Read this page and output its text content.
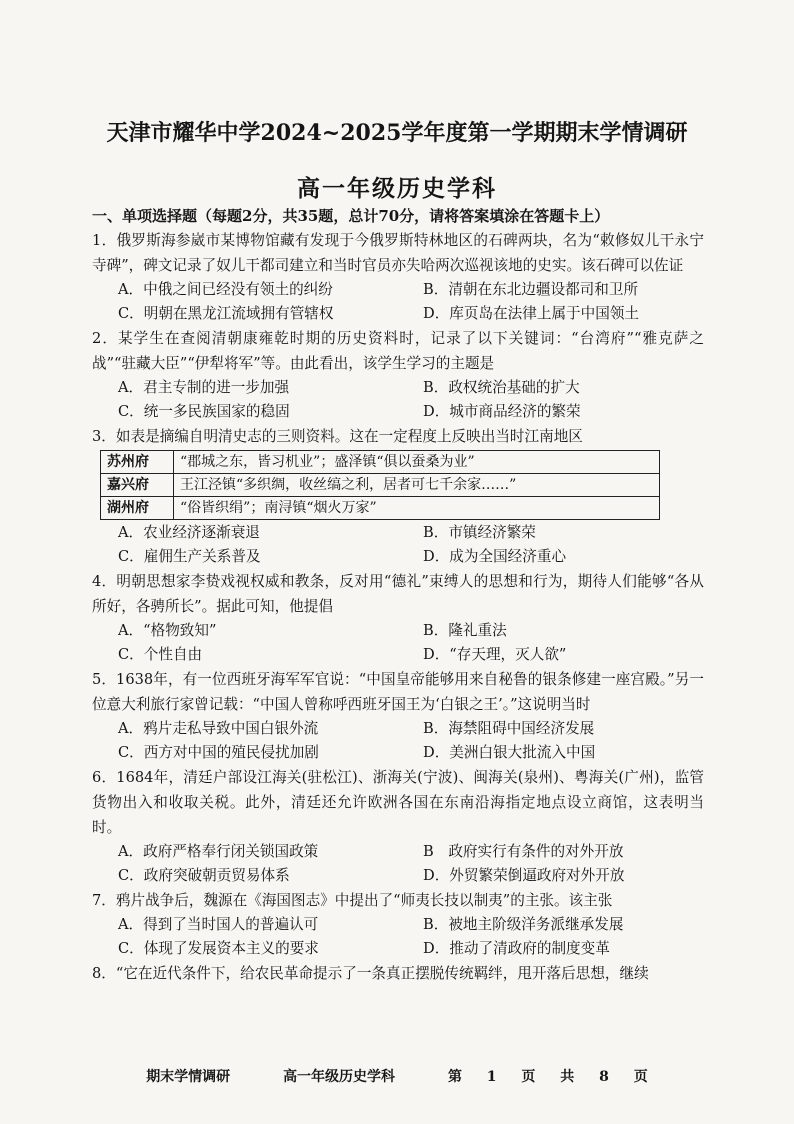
天津市耀华中学2024~2025学年度第一学期期末学情调研
高一年级历史学科
一、单项选择题（每题2分，共35题，总计70分，请将答案填涂在答题卡上）

1．俄罗斯海参崴市某博物馆藏有发现于今俄罗斯特林地区的石碑两块，名为“敕修奴儿干永宁寺碑”，碑文记录了奴儿干都司建立和当时官员亦失哈两次巡视该地的史实。该石碑可以佐证

A．中俄之间已经没有领土的纠纷	B．清朝在东北边疆设都司和卫所
C．明朝在黑龙江流域拥有管辖权	D．库页岛在法律上属于中国领土

2．某学生在查阅清朝康雍乾时期的历史资料时，记录了以下关键词：“台湾府”“雅克萨之战”“驻藏大臣”“伊犁将军”等。由此看出，该学生学习的主题是

A．君主专制的进一步加强	B．政权统治基础的扩大
C．统一多民族国家的稳固	D．城市商品经济的繁荣

3．如表是摘编自明清史志的三则资料。这在一定程度上反映出当时江南地区

苏州府	“郡城之东，皆习机业”；盛泽镇“俱以蚕桑为业”
嘉兴府	王江泾镇“多织绸，收丝缟之利，居者可七千余家……”
湖州府	“俗皆织绢”；南浔镇“烟火万家”
A．农业经济逐渐衰退	B．市镇经济繁荣
C．雇佣生产关系普及	D．成为全国经济重心

4．明朝思想家李贽戏视权威和教条，反对用“德礼”束缚人的思想和行为，期待人们能够“各从所好，各骋所长”。据此可知，他提倡

A．“格物致知”	B．隆礼重法
C．个性自由	D．“存天理，灭人欲”

5．1638年，有一位西班牙海军军官说：“中国皇帝能够用来自秘鲁的银条修建一座宫殿。”另一位意大利旅行家曾记载：“中国人曾称呼西班牙国王为‘白银之王’。”这说明当时

A．鸦片走私导致中国白银外流	B．海禁阻碍中国经济发展
C．西方对中国的殖民侵扰加剧	D．美洲白银大批流入中国

6．1684年，清廷户部设江海关(驻松江)、浙海关(宁波)、闽海关(泉州)、粤海关(广州)，监管货物出入和收取关税。此外，清廷还允许欧洲各国在东南沿海指定地点设立商馆，这表明当时。

A．政府严格奉行闭关锁国政策	B　政府实行有条件的对外开放
C．政府突破朝贡贸易体系	D．外贸繁荣倒逼政府对外开放

7．鸦片战争后，魏源在《海国图志》中提出了“师夷长技以制夷”的主张。该主张

A．得到了当时国人的普遍认可	B．被地主阶级洋务派继承发展
C．体现了发展资本主义的要求	D．推动了清政府的制度变革

8．“它在近代条件下，给农民革命提示了一条真正摆脱传统羁绊，甩开落后思想，继续

期末学情调研	高一年级历史学科	第 1 页 共 8 页
